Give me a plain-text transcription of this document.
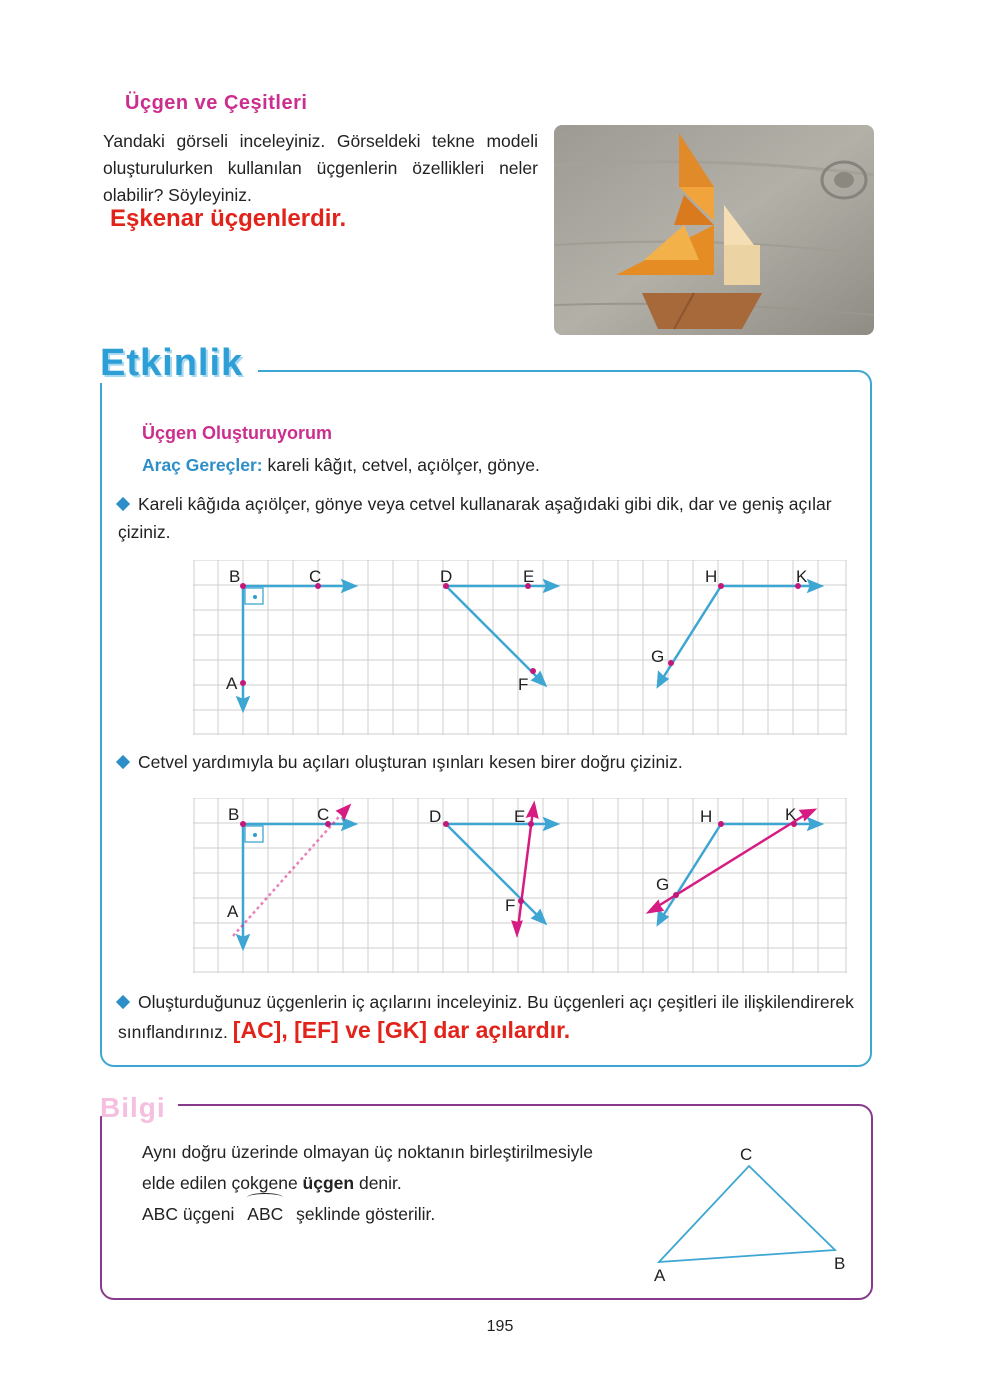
Üçgen ve Çeşitleri
Yandaki görseli inceleyiniz. Görseldeki tekne modeli oluşturulurken kullanılan üçgenlerin özellikleri neler olabilir? Söyleyiniz.
Eşkenar üçgenlerdir.
Etkinlik
Üçgen Oluşturuyorum
Araç Gereçler: kareli kâğıt, cetvel, açıölçer, gönye.
Kareli kâğıda açıölçer, gönye veya cetvel kullanarak aşağıdaki gibi dik, dar ve geniş açılar çiziniz.
B	C
A
D	E
F
H	K
G
Cetvel yardımıyla bu açıları oluşturan ışınları kesen birer doğru çiziniz.
B	C
A
D	E
F
H	K
G
Oluşturduğunuz üçgenlerin iç açılarını inceleyiniz. Bu üçgenleri açı çeşitleri ile ilişkilendirerek sınıflandırınız. [AC], [EF] ve [GK] dar açılardır.
Bilgi
Aynı doğru üzerinde olmayan üç noktanın birleştirilmesiyle elde edilen çokgene üçgen denir.
ABC üçgeni ABC şeklinde gösterilir.
A
B
C
195
